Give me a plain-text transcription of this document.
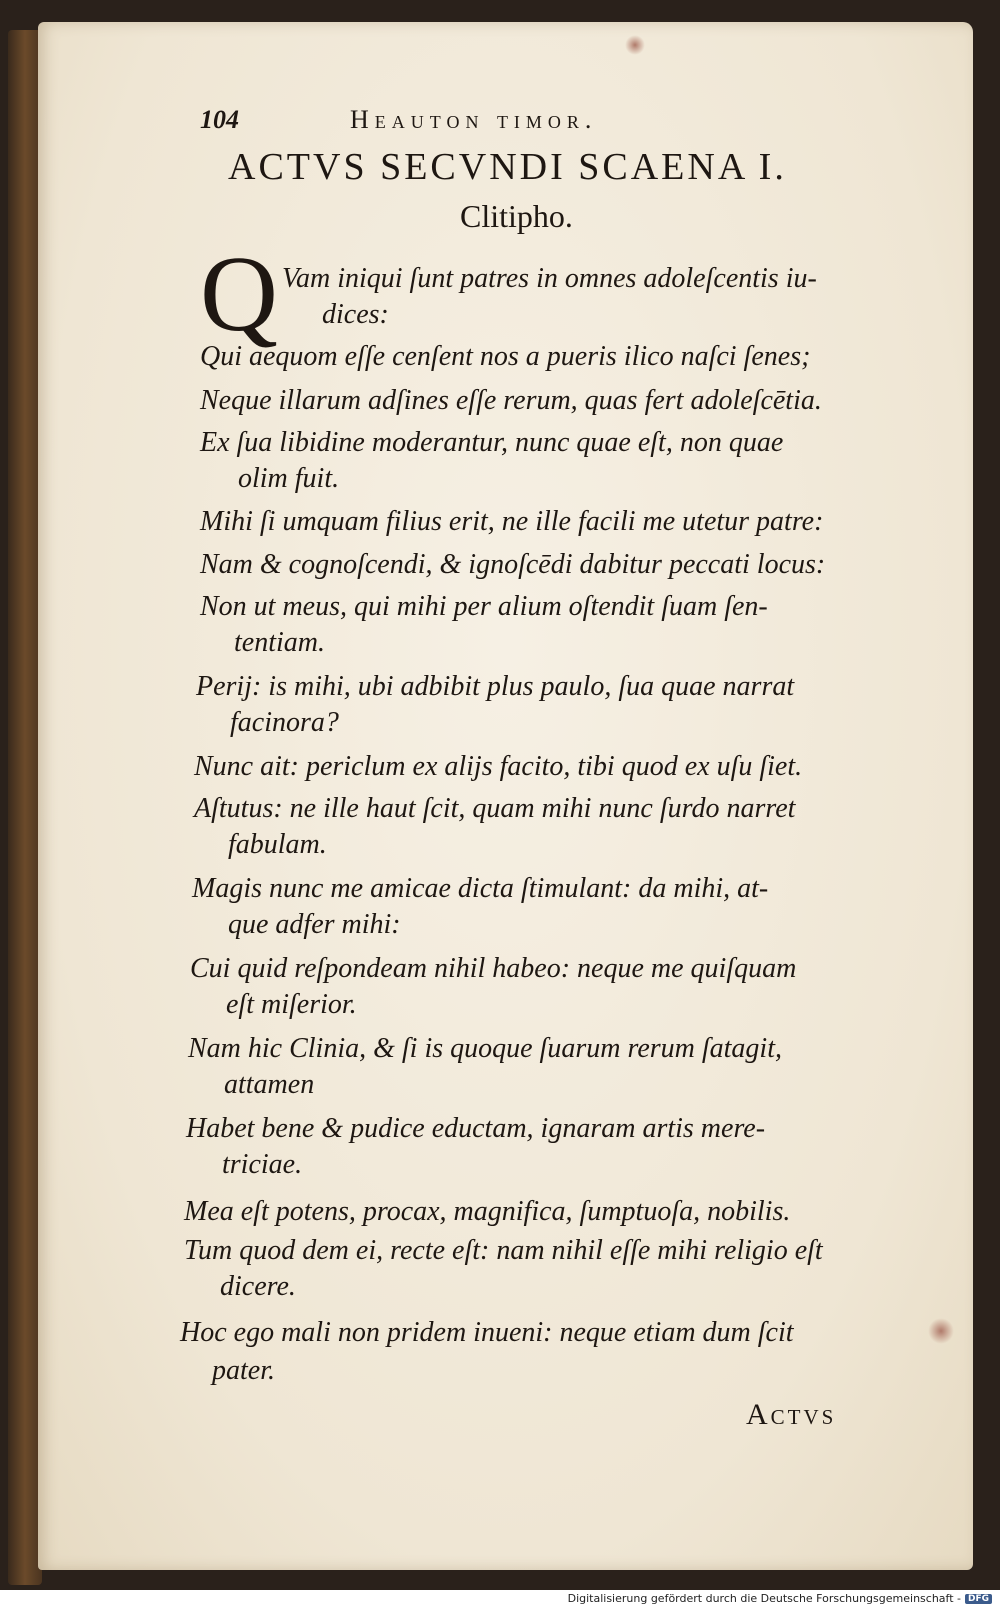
104	Heauton timor.
ACTVS SECVNDI SCAENA I.
Clitipho.
Q Vam iniqui ſunt patres in omnes adoleſcentis iu-
dices:
Qui aequom eſſe cenſent nos a pueris ilico naſci ſenes;
Neque illarum adſines eſſe rerum, quas fert adoleſcētia.
Ex ſua libidine moderantur, nunc quae eſt, non quae
olim fuit.
Mihi ſi umquam filius erit, ne ille facili me utetur patre:
Nam & cognoſcendi, & ignoſcēdi dabitur peccati locus:
Non ut meus, qui mihi per alium oſtendit ſuam ſen-
tentiam.
Perij: is mihi, ubi adbibit plus paulo, ſua quae narrat
facinora?
Nunc ait: periclum ex alijs facito, tibi quod ex uſu ſiet.
Aſtutus: ne ille haut ſcit, quam mihi nunc ſurdo narret
fabulam.
Magis nunc me amicae dicta ſtimulant: da mihi, at-
que adfer mihi:
Cui quid reſpondeam nihil habeo: neque me quiſquam
eſt miſerior.
Nam hic Clinia, & ſi is quoque ſuarum rerum ſatagit,
attamen
Habet bene & pudice eductam, ignaram artis mere-
triciae.
Mea eſt potens, procax, magnifica, ſumptuoſa, nobilis.
Tum quod dem ei, recte eſt: nam nihil eſſe mihi religio eſt
dicere.
Hoc ego mali non pridem inueni: neque etiam dum ſcit
pater.
Actvs
Digitalisierung gefördert durch die Deutsche Forschungsgemeinschaft - DFG
